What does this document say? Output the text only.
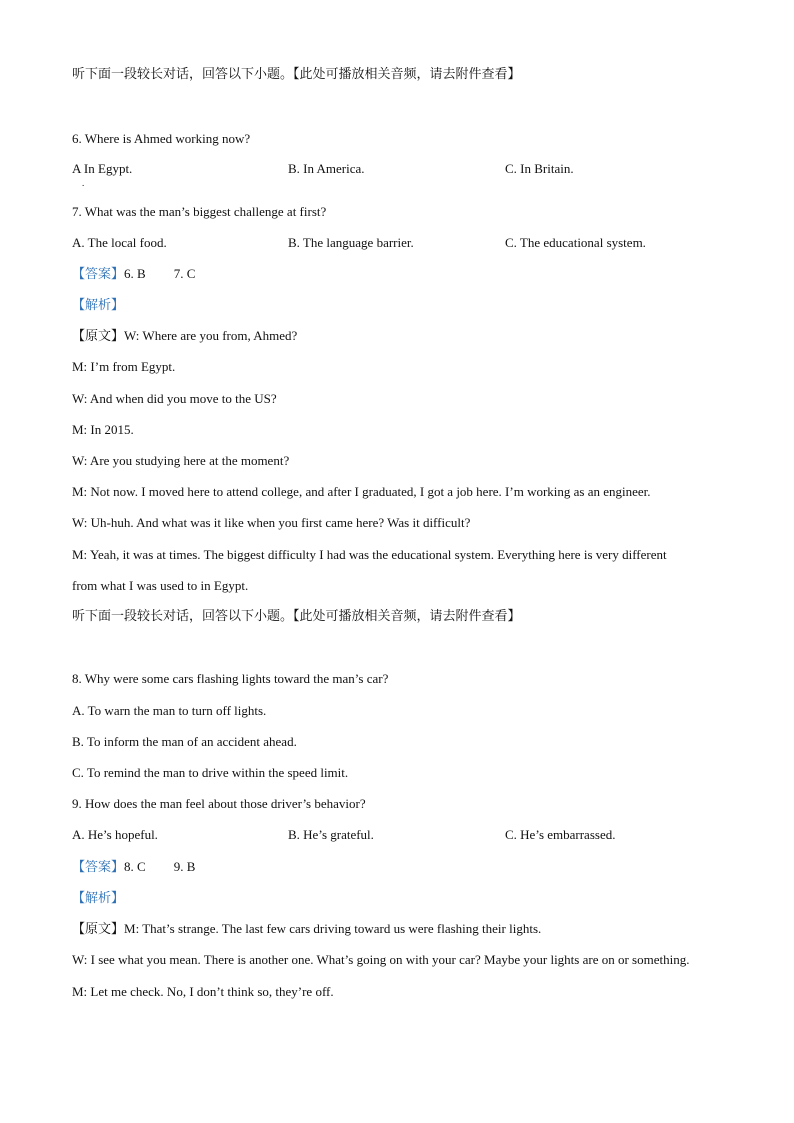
听下面一段较长对话，回答以下小题。【此处可播放相关音频，请去附件查看】
6. Where is Ahmed working now?
A In Egypt.
.
B. In America.	C. In Britain.
7. What was the man’s biggest challenge at first?
A. The local food.	B. The language barrier.	C. The educational system.
【答案】6. B 7. C
【解析】
【原文】W: Where are you from, Ahmed?
M: I’m from Egypt.
W: And when did you move to the US?
M: In 2015.
W: Are you studying here at the moment?
M: Not now. I moved here to attend college, and after I graduated, I got a job here. I’m working as an engineer.
W: Uh-huh. And what was it like when you first came here? Was it difficult?
M: Yeah, it was at times. The biggest difficulty I had was the educational system. Everything here is very different
from what I was used to in Egypt.
听下面一段较长对话，回答以下小题。【此处可播放相关音频，请去附件查看】
8. Why were some cars flashing lights toward the man’s car?
A. To warn the man to turn off lights.
B. To inform the man of an accident ahead.
C. To remind the man to drive within the speed limit.
9. How does the man feel about those driver’s behavior?
A. He’s hopeful.	B. He’s grateful.	C. He’s embarrassed.
【答案】8. C 9. B
【解析】
【原文】M: That’s strange. The last few cars driving toward us were flashing their lights.
W: I see what you mean. There is another one. What’s going on with your car? Maybe your lights are on or something.
M: Let me check. No, I don’t think so, they’re off.
